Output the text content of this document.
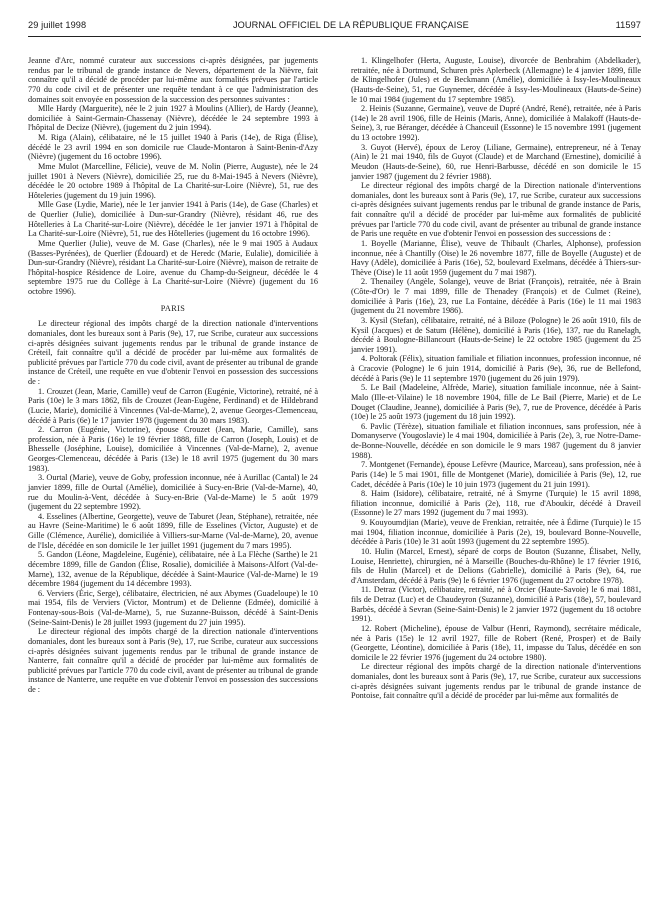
29 juillet 1998	JOURNAL OFFICIEL DE LA RÉPUBLIQUE FRANÇAISE	11597

Jeanne d'Arc, nommé curateur aux successions ci-après désignées, par jugements rendus par le tribunal de grande instance de Nevers, département de la Nièvre, fait connaître qu'il a décidé de procéder par lui-même aux formalités prévues par l'article 770 du code civil et de présenter une requête tendant à ce que l'administration des domaines soit envoyée en possession de la succession des personnes suivantes :

Mlle Hardy (Marguerite), née le 2 juin 1927 à Moulins (Allier), de Hardy (Jeanne), domiciliée à Saint-Germain-Chassenay (Nièvre), décédée le 24 septembre 1993 à l'hôpital de Decize (Nièvre), (jugement du 2 juin 1994).

M. Riga (Alain), célibataire, né le 15 juillet 1940 à Paris (14e), de Riga (Élise), décédé le 23 avril 1994 en son domicile rue Claude-Montaron à Saint-Benin-d'Azy (Nièvre) (jugement du 16 octobre 1996).

Mme Mulot (Marcelline, Félicie), veuve de M. Nolin (Pierre, Auguste), née le 24 juillet 1901 à Nevers (Nièvre), domiciliée 25, rue du 8-Mai-1945 à Nevers (Nièvre), décédée le 20 octobre 1989 à l'hôpital de La Charité-sur-Loire (Nièvre), 51, rue des Hôteleries (jugement du 19 juin 1996).

Mlle Gase (Lydie, Marie), née le 1er janvier 1941 à Paris (14e), de Gase (Charles) et de Querlier (Julie), domiciliée à Dun-sur-Grandry (Nièvre), résidant 46, rue des Hôtelleries à La Charité-sur-Loire (Nièvre), décédée le 1er janvier 1971 à l'hôpital de La Charité-sur-Loire (Nièvre), 51, rue des Hôtelleries (jugement du 16 octobre 1996).

Mme Querlier (Julie), veuve de M. Gase (Charles), née le 9 mai 1905 à Audaux (Basses-Pyrénées), de Querlier (Édouard) et de Heredc (Marie, Eulalie), domiciliée à Dun-sur-Grandry (Nièvre), résidant La Charité-sur-Loire (Nièvre), maison de retraite de l'hôpital-hospice Résidence de Loire, avenue du Champ-du-Seigneur, décédée le 4 septembre 1975 rue du Collège à La Charité-sur-Loire (Nièvre) (jugement du 16 octobre 1996).

PARIS

Le directeur régional des impôts chargé de la direction nationale d'interventions domaniales, dont les bureaux sont à Paris (9e), 17, rue Scribe, curateur aux successions ci-après désignées suivant jugements rendus par le tribunal de grande instance de Créteil, fait connaître qu'il a décidé de procéder par lui-même aux formalités de publicité prévues par l'article 770 du code civil, avant de présenter au tribunal de grande instance de Créteil, une requête en vue d'obtenir l'envoi en possession des successions de :

1. Crouzet (Jean, Marie, Camille) veuf de Carron (Eugénie, Victorine), retraité, né à Paris (10e) le 3 mars 1862, fils de Crouzet (Jean-Eugène, Ferdinand) et de Hildebrand (Lucie, Marie), domicilié à Vincennes (Val-de-Marne), 2, avenue Georges-Clemenceau, décédé à Paris (6e) le 17 janvier 1978 (jugement du 30 mars 1983).

2. Carron (Eugénie, Victorine), épouse Crouzet (Jean, Marie, Camille), sans profession, née à Paris (16e) le 19 février 1888, fille de Carron (Joseph, Louis) et de Bhesselle (Joséphine, Louise), domiciliée à Vincennes (Val-de-Marne), 2, avenue Georges-Clemenceau, décédée à Paris (13e) le 18 avril 1975 (jugement du 30 mars 1983).

3. Ourtal (Marie), veuve de Goby, profession inconnue, née à Aurillac (Cantal) le 24 janvier 1899, fille de Ourtal (Amélie), domiciliée à Sucy-en-Brie (Val-de-Marne), 40, rue du Moulin-à-Vent, décédée à Sucy-en-Brie (Val-de-Marne) le 5 août 1979 (jugement du 22 septembre 1992).

4. Esselines (Albertine, Georgette), veuve de Taburet (Jean, Stéphane), retraitée, née au Havre (Seine-Maritime) le 6 août 1899, fille de Esselines (Victor, Auguste) et de Gille (Clémence, Aurélie), domiciliée à Villiers-sur-Marne (Val-de-Marne), 20, avenue de l'Isle, décédée en son domicile le 1er juillet 1991 (jugement du 7 mars 1995).

5. Gandon (Léone, Magdeleine, Eugénie), célibataire, née à La Flèche (Sarthe) le 21 décembre 1899, fille de Gandon (Élise, Rosalie), domiciliée à Maisons-Alfort (Val-de-Marne), 132, avenue de la République, décédée à Saint-Maurice (Val-de-Marne) le 19 décembre 1984 (jugement du 14 décembre 1993).

6. Verviers (Éric, Serge), célibataire, électricien, né aux Abymes (Guadeloupe) le 10 mai 1954, fils de Verviers (Victor, Montrum) et de Delienne (Edmée), domicilié à Fontenay-sous-Bois (Val-de-Marne), 5, rue Suzanne-Buisson, décédé à Saint-Denis (Seine-Saint-Denis) le 28 juillet 1993 (jugement du 27 juin 1995).

Le directeur régional des impôts chargé de la direction nationale d'interventions domaniales, dont les bureaux sont à Paris (9e), 17, rue Scribe, curateur aux successions ci-après désignées suivant jugements rendus par le tribunal de grande instance de Nanterre, fait connaître qu'il a décidé de procéder par lui-même aux formalités de publicité prévues par l'article 770 du code civil, avant de présenter au tribunal de grande instance de Nanterre, une requête en vue d'obtenir l'envoi en possession des successions de :

1. Klingelhofer (Herta, Auguste, Louise), divorcée de Benbrahim (Abdelkader), retraitée, née à Dortmund, Schuren près Aplerbeck (Allemagne) le 4 janvier 1899, fille de Klingelhofer (Jules) et de Beckmann (Amélie), domiciliée à Issy-les-Moulineaux (Hauts-de-Seine), 51, rue Guynemer, décédée à Issy-les-Moulineaux (Hauts-de-Seine) le 10 mai 1984 (jugement du 17 septembre 1985).

2. Heinis (Suzanne, Germaine), veuve de Dupré (André, René), retraitée, née à Paris (14e) le 28 avril 1906, fille de Heinis (Maris, Anne), domiciliée à Malakoff (Hauts-de-Seine), 3, rue Béranger, décédée à Chanceuil (Essonne) le 15 novembre 1991 (jugement du 13 octobre 1992).

3. Guyot (Hervé), époux de Leroy (Liliane, Germaine), entrepreneur, né à Tenay (Ain) le 21 mai 1940, fils de Guyot (Claude) et de Marchand (Ernestine), domicilié à Meudon (Hauts-de-Seine), 60, rue Henri-Barbusse, décédé en son domicile le 15 janvier 1987 (jugement du 2 février 1988).

Le directeur régional des impôts chargé de la Direction nationale d'interventions domaniales, dont les bureaux sont à Paris (9e), 17, rue Scribe, curateur aux successions ci-après désignées suivant jugements rendus par le tribunal de grande instance de Paris, fait connaître qu'il a décidé de procéder par lui-même aux formalités de publicité prévues par l'article 770 du code civil, avant de présenter au tribunal de grande instance de Paris une requête en vue d'obtenir l'envoi en possession des successions de :

1. Boyelle (Marianne, Élise), veuve de Thibault (Charles, Alphonse), profession inconnue, née à Chantilly (Oise) le 26 novembre 1877, fille de Boyelle (Auguste) et de Havy (Adèle), domiciliée à Paris (16e), 52, boulevard Exelmans, décédée à Thiers-sur-Thève (Oise) le 11 août 1959 (jugement du 7 mai 1987).

2. Thenailey (Angèle, Solange), veuve de Briat (François), retraitée, née à Brain (Côte-d'Or) le 7 mai 1899, fille de Thenadey (François) et de Culmet (Reine), domiciliée à Paris (16e), 23, rue La Fontaine, décédée à Paris (16e) le 11 mai 1983 (jugement du 21 novembre 1986).

3. Kysil (Stefan), célibataire, retraité, né à Biloze (Pologne) le 26 août 1910, fils de Kysil (Jacques) et de Satum (Hélène), domicilié à Paris (16e), 137, rue du Ranelagh, décédé à Boulogne-Billancourt (Hauts-de-Seine) le 22 octobre 1985 (jugement du 25 janvier 1991).

4. Poltorak (Félix), situation familiale et filiation inconnues, profession inconnue, né à Cracovie (Pologne) le 6 juin 1914, domicilié à Paris (9e), 36, rue de Bellefond, décédé à Paris (9e) le 11 septembre 1970 (jugement du 26 juin 1979).

5. Le Bail (Madeleine, Alfrède, Marie), situation familiale inconnue, née à Saint-Malo (Ille-et-Vilaine) le 18 novembre 1904, fille de Le Bail (Pierre, Marie) et de Le Douget (Claudine, Jeanne), domiciliée à Paris (9e), 7, rue de Provence, décédée à Paris (10e) le 25 août 1973 (jugement du 18 juin 1992).

6. Pavlic (Térèze), situation familiale et filiation inconnues, sans profession, née à Domanyserve (Yougoslavie) le 4 mai 1904, domiciliée à Paris (2e), 3, rue Notre-Dame-de-Bonne-Nouvelle, décédée en son domicile le 9 mars 1987 (jugement du 8 janvier 1988).

7. Montgenet (Fernande), épouse Lefèvre (Maurice, Marceau), sans profession, née à Paris (14e) le 5 mai 1901, fille de Montgenet (Marie), domiciliée à Paris (9e), 12, rue Cadet, décédée à Paris (10e) le 10 juin 1973 (jugement du 21 juin 1991).

8. Haim (Isidore), célibataire, retraité, né à Smyrne (Turquie) le 15 avril 1898, filiation inconnue, domicilié à Paris (2e), 118, rue d'Aboukir, décédé à Draveil (Essonne) le 27 mars 1992 (jugement du 7 mai 1993).

9. Kouyoumdjian (Marie), veuve de Frenkian, retraitée, née à Édirne (Turquie) le 15 mai 1904, filiation inconnue, domiciliée à Paris (2e), 19, boulevard Bonne-Nouvelle, décédée à Paris (10e) le 31 août 1993 (jugement du 22 septembre 1995).

10. Hulin (Marcel, Ernest), séparé de corps de Bouton (Suzanne, Élisabet, Nelly, Louise, Henriette), chirurgien, né à Marseille (Bouches-du-Rhône) le 17 février 1916, fils de Hulin (Marcel) et de Delions (Gabrielle), domicilié à Paris (9e), 64, rue d'Amsterdam, décédé à Paris (9e) le 6 février 1976 (jugement du 27 octobre 1978).

11. Detraz (Victor), célibataire, retraité, né à Orcier (Haute-Savoie) le 6 mai 1881, fils de Detraz (Luc) et de Chaudeyron (Suzanne), domicilié à Paris (18e), 57, boulevard Barbès, décédé à Sevran (Seine-Saint-Denis) le 2 janvier 1972 (jugement du 18 octobre 1991).

12. Robert (Micheline), épouse de Valbur (Henri, Raymond), secrétaire médicale, née à Paris (15e) le 12 avril 1927, fille de Robert (René, Prosper) et de Baily (Georgette, Léontine), domiciliée à Paris (18e), 11, impasse du Talus, décédée en son domicile le 22 février 1976 (jugement du 24 octobre 1980).

Le directeur régional des impôts chargé de la direction nationale d'interventions domaniales, dont les bureaux sont à Paris (9e), 17, rue Scribe, curateur aux successions ci-après désignées suivant jugements rendus par le tribunal de grande instance de Pontoise, fait connaître qu'il a décidé de procéder par lui-même aux formalités de
